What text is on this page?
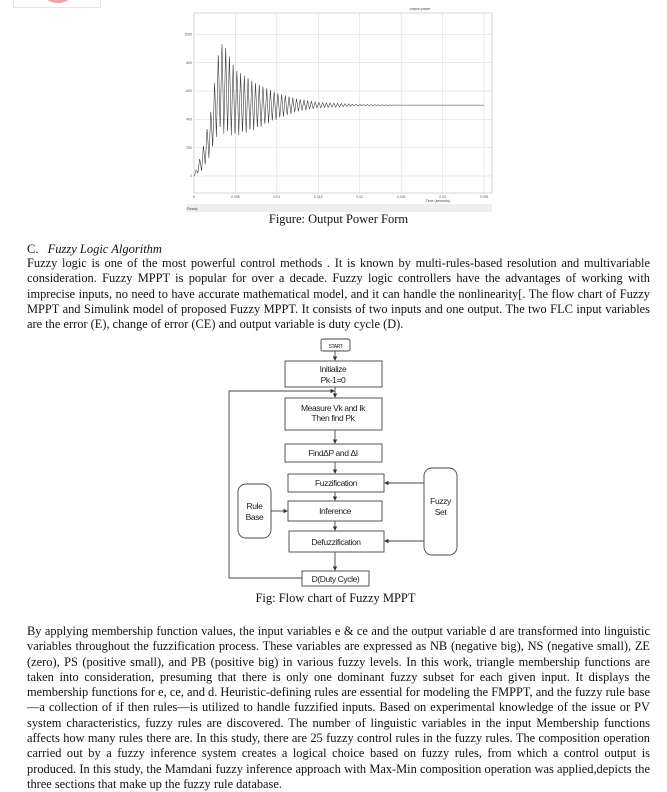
output power
0
200
400
600
800
1000
0	0.005	0.01	0.015	0.02	0.025	0.03	0.035
Time (seconds)
Ready
Figure: Output Power Form
C. Fuzzy Logic Algorithm
Fuzzy logic is one of the most powerful control methods . It is known by multi-rules-based resolution and multivariable consideration. Fuzzy MPPT is popular for over a decade. Fuzzy logic controllers have the advantages of working with imprecise inputs, no need to have accurate mathematical model, and it can handle the nonlinearity[. The flow chart of Fuzzy MPPT and Simulink model of proposed Fuzzy MPPT. It consists of two inputs and one output. The two FLC input variables are the error (E), change of error (CE) and output variable is duty cycle (D).
START
Initialize
Pk-1=0
Measure Vk and Ik
Then find Pk
FindΔP and ΔI
Fuzzification
Inference
Defuzzification
D(Duty Cycle)
Rule
Base
Fuzzy
Set
Fig: Flow chart of Fuzzy MPPT
By applying membership function values, the input variables e & ce and the output variable d are transformed into linguistic variables throughout the fuzzification process. These variables are expressed as NB (negative big), NS (negative small), ZE (zero), PS (positive small), and PB (positive big) in various fuzzy levels. In this work, triangle membership functions are taken into consideration, presuming that there is only one dominant fuzzy subset for each given input. It displays the membership functions for e, ce, and d. Heuristic-defining rules are essential for modeling the FMPPT, and the fuzzy rule base—a collection of if then rules—is utilized to handle fuzzified inputs. Based on experimental knowledge of the issue or PV system characteristics, fuzzy rules are discovered. The number of linguistic variables in the input Membership functions affects how many rules there are. In this study, there are 25 fuzzy control rules in the fuzzy rules. The composition operation carried out by a fuzzy inference system creates a logical choice based on fuzzy rules, from which a control output is produced. In this study, the Mamdani fuzzy inference approach with Max-Min composition operation was applied,depicts the three sections that make up the fuzzy rule database.
